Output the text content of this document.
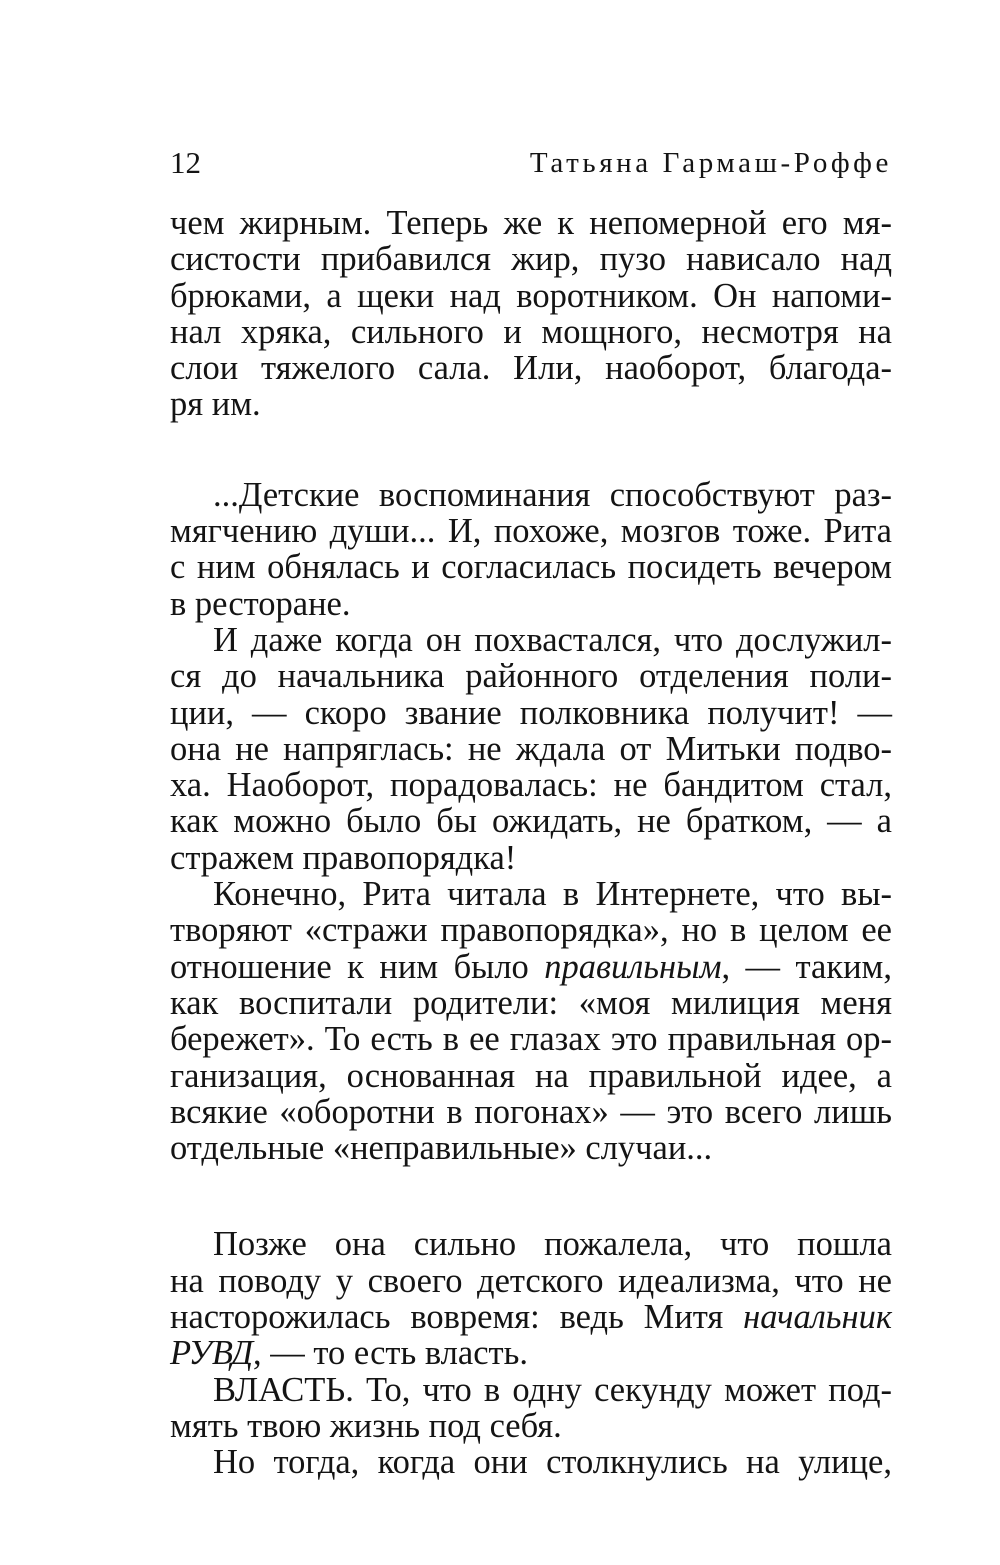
12	Татьяна Гармаш-Роффе
чем жирным. Теперь же к непомерной его мя-
систости прибавился жир, пузо нависало над
брюками, а щеки над воротником. Он напоми-
нал хряка, сильного и мощного, несмотря на
слои тяжелого сала. Или, наоборот, благода-
ря им.
...Детские воспоминания способствуют раз-
мягчению души... И, похоже, мозгов тоже. Рита
с ним обнялась и согласилась посидеть вечером
в ресторане.
И даже когда он похвастался, что дослужил-
ся до начальника районного отделения поли-
ции, — скоро звание полковника получит! —
она не напряглась: не ждала от Митьки подво-
ха. Наоборот, порадовалась: не бандитом стал,
как можно было бы ожидать, не братком, — а
стражем правопорядка!
Конечно, Рита читала в Интернете, что вы-
творяют «стражи правопорядка», но в целом ее
отношение к ним было правильным, — таким,
как воспитали родители: «моя милиция меня
бережет». То есть в ее глазах это правильная ор-
ганизация, основанная на правильной идее, а
всякие «оборотни в погонах» — это всего лишь
отдельные «неправильные» случаи...
Позже она сильно пожалела, что пошла
на поводу у своего детского идеализма, что не
насторожилась вовремя: ведь Митя начальник
РУВД, — то есть власть.
ВЛАСТЬ. То, что в одну секунду может под-
мять твою жизнь под себя.
Но тогда, когда они столкнулись на улице,
